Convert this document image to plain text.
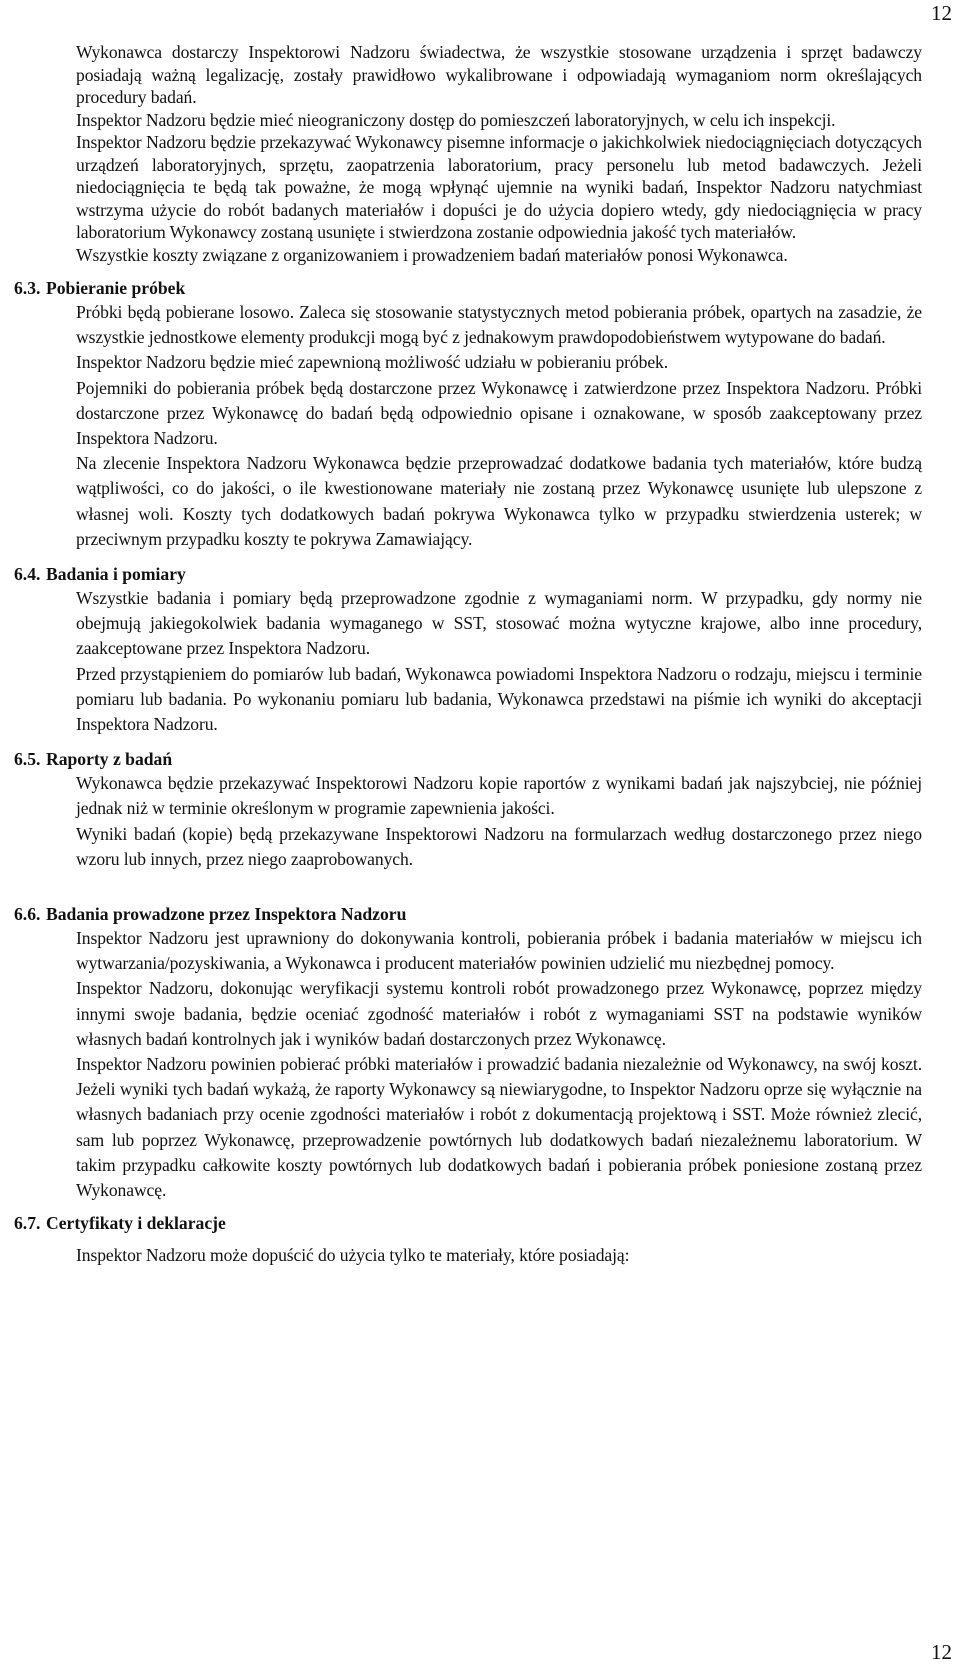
12

Wykonawca dostarczy Inspektorowi Nadzoru świadectwa, że wszystkie stosowane urządzenia i sprzęt badawczy posiadają ważną legalizację, zostały prawidłowo wykalibrowane i odpowiadają wymaganiom norm określających procedury badań.

Inspektor Nadzoru będzie mieć nieograniczony dostęp do pomieszczeń laboratoryjnych, w celu ich inspekcji.

Inspektor Nadzoru będzie przekazywać Wykonawcy pisemne informacje o jakichkolwiek niedociągnięciach dotyczących urządzeń laboratoryjnych, sprzętu, zaopatrzenia laboratorium, pracy personelu lub metod badawczych. Jeżeli niedociągnięcia te będą tak poważne, że mogą wpłynąć ujemnie na wyniki badań, Inspektor Nadzoru natychmiast wstrzyma użycie do robót badanych materiałów i dopuści je do użycia dopiero wtedy, gdy niedociągnięcia w pracy laboratorium Wykonawcy zostaną usunięte i stwierdzona zostanie odpowiednia jakość tych materiałów.

Wszystkie koszty związane z organizowaniem i prowadzeniem badań materiałów ponosi Wykonawca.

6.3. Pobieranie próbek

Próbki będą pobierane losowo. Zaleca się stosowanie statystycznych metod pobierania próbek, opartych na zasadzie, że wszystkie jednostkowe elementy produkcji mogą być z jednakowym prawdopodobieństwem wytypowane do badań.

Inspektor Nadzoru będzie mieć zapewnioną możliwość udziału w pobieraniu próbek.

Pojemniki do pobierania próbek będą dostarczone przez Wykonawcę i zatwierdzone przez Inspektora Nadzoru. Próbki dostarczone przez Wykonawcę do badań będą odpowiednio opisane i oznakowane, w sposób zaakceptowany przez Inspektora Nadzoru.

Na zlecenie Inspektora Nadzoru Wykonawca będzie przeprowadzać dodatkowe badania tych materiałów, które budzą wątpliwości, co do jakości, o ile kwestionowane materiały nie zostaną przez Wykonawcę usunięte lub ulepszone z własnej woli. Koszty tych dodatkowych badań pokrywa Wykonawca tylko w przypadku stwierdzenia usterek; w przeciwnym przypadku koszty te pokrywa Zamawiający.

6.4. Badania i pomiary

Wszystkie badania i pomiary będą przeprowadzone zgodnie z wymaganiami norm. W przypadku, gdy normy nie obejmują jakiegokolwiek badania wymaganego w SST, stosować można wytyczne krajowe, albo inne procedury, zaakceptowane przez Inspektora Nadzoru.

Przed przystąpieniem do pomiarów lub badań, Wykonawca powiadomi Inspektora Nadzoru o rodzaju, miejscu i terminie pomiaru lub badania. Po wykonaniu pomiaru lub badania, Wykonawca przedstawi na piśmie ich wyniki do akceptacji Inspektora Nadzoru.

6.5. Raporty z badań

Wykonawca będzie przekazywać Inspektorowi Nadzoru kopie raportów z wynikami badań jak najszybciej, nie później jednak niż w terminie określonym w programie zapewnienia jakości.

Wyniki badań (kopie) będą przekazywane Inspektorowi Nadzoru na formularzach według dostarczonego przez niego wzoru lub innych, przez niego zaaprobowanych.

6.6. Badania prowadzone przez Inspektora Nadzoru

Inspektor Nadzoru jest uprawniony do dokonywania kontroli, pobierania próbek i badania materiałów w miejscu ich wytwarzania/pozyskiwania, a Wykonawca i producent materiałów powinien udzielić mu niezbędnej pomocy.

Inspektor Nadzoru, dokonując weryfikacji systemu kontroli robót prowadzonego przez Wykonawcę, poprzez między innymi swoje badania, będzie oceniać zgodność materiałów i robót z wymaganiami SST na podstawie wyników własnych badań kontrolnych jak i wyników badań dostarczonych przez Wykonawcę.

Inspektor Nadzoru powinien pobierać próbki materiałów i prowadzić badania niezależnie od Wykonawcy, na swój koszt. Jeżeli wyniki tych badań wykażą, że raporty Wykonawcy są niewiarygodne, to Inspektor Nadzoru oprze się wyłącznie na własnych badaniach przy ocenie zgodności materiałów i robót z dokumentacją projektową i SST. Może również zlecić, sam lub poprzez Wykonawcę, przeprowadzenie powtórnych lub dodatkowych badań niezależnemu laboratorium. W takim przypadku całkowite koszty powtórnych lub dodatkowych badań i pobierania próbek poniesione zostaną przez Wykonawcę.

6.7. Certyfikaty i deklaracje

Inspektor Nadzoru może dopuścić do użycia tylko te materiały, które posiadają:

12
